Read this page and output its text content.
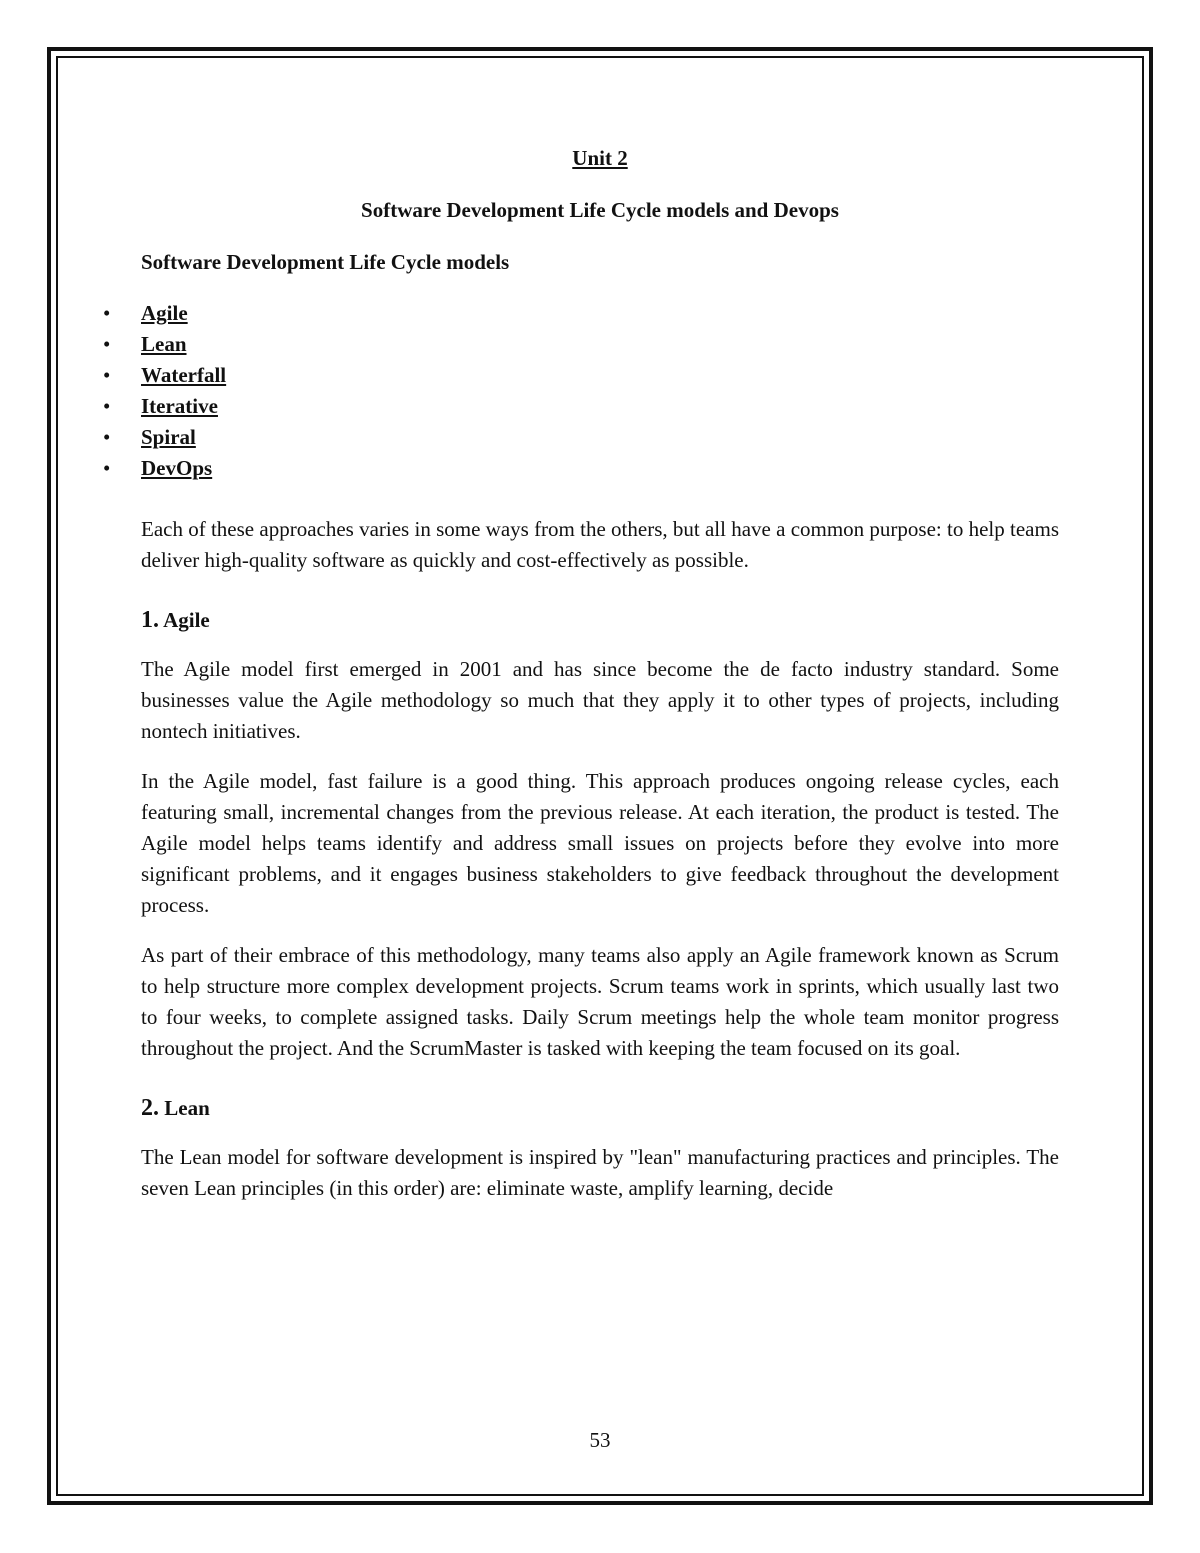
Unit 2
Software Development Life Cycle models and Devops
Software Development Life Cycle models
• Agile
• Lean
• Waterfall
• Iterative
• Spiral
• DevOps

Each of these approaches varies in some ways from the others, but all have a common purpose: to help teams deliver high-quality software as quickly and cost-effectively as possible.

1. Agile

The Agile model first emerged in 2001 and has since become the de facto industry standard. Some businesses value the Agile methodology so much that they apply it to other types of projects, including nontech initiatives.

In the Agile model, fast failure is a good thing. This approach produces ongoing release cycles, each featuring small, incremental changes from the previous release. At each iteration, the product is tested. The Agile model helps teams identify and address small issues on projects before they evolve into more significant problems, and it engages business stakeholders to give feedback throughout the development process.

As part of their embrace of this methodology, many teams also apply an Agile framework known as Scrum to help structure more complex development projects. Scrum teams work in sprints, which usually last two to four weeks, to complete assigned tasks. Daily Scrum meetings help the whole team monitor progress throughout the project. And the ScrumMaster is tasked with keeping the team focused on its goal.

2. Lean

The Lean model for software development is inspired by "lean" manufacturing practices and principles. The seven Lean principles (in this order) are: eliminate waste, amplify learning, decide

53
